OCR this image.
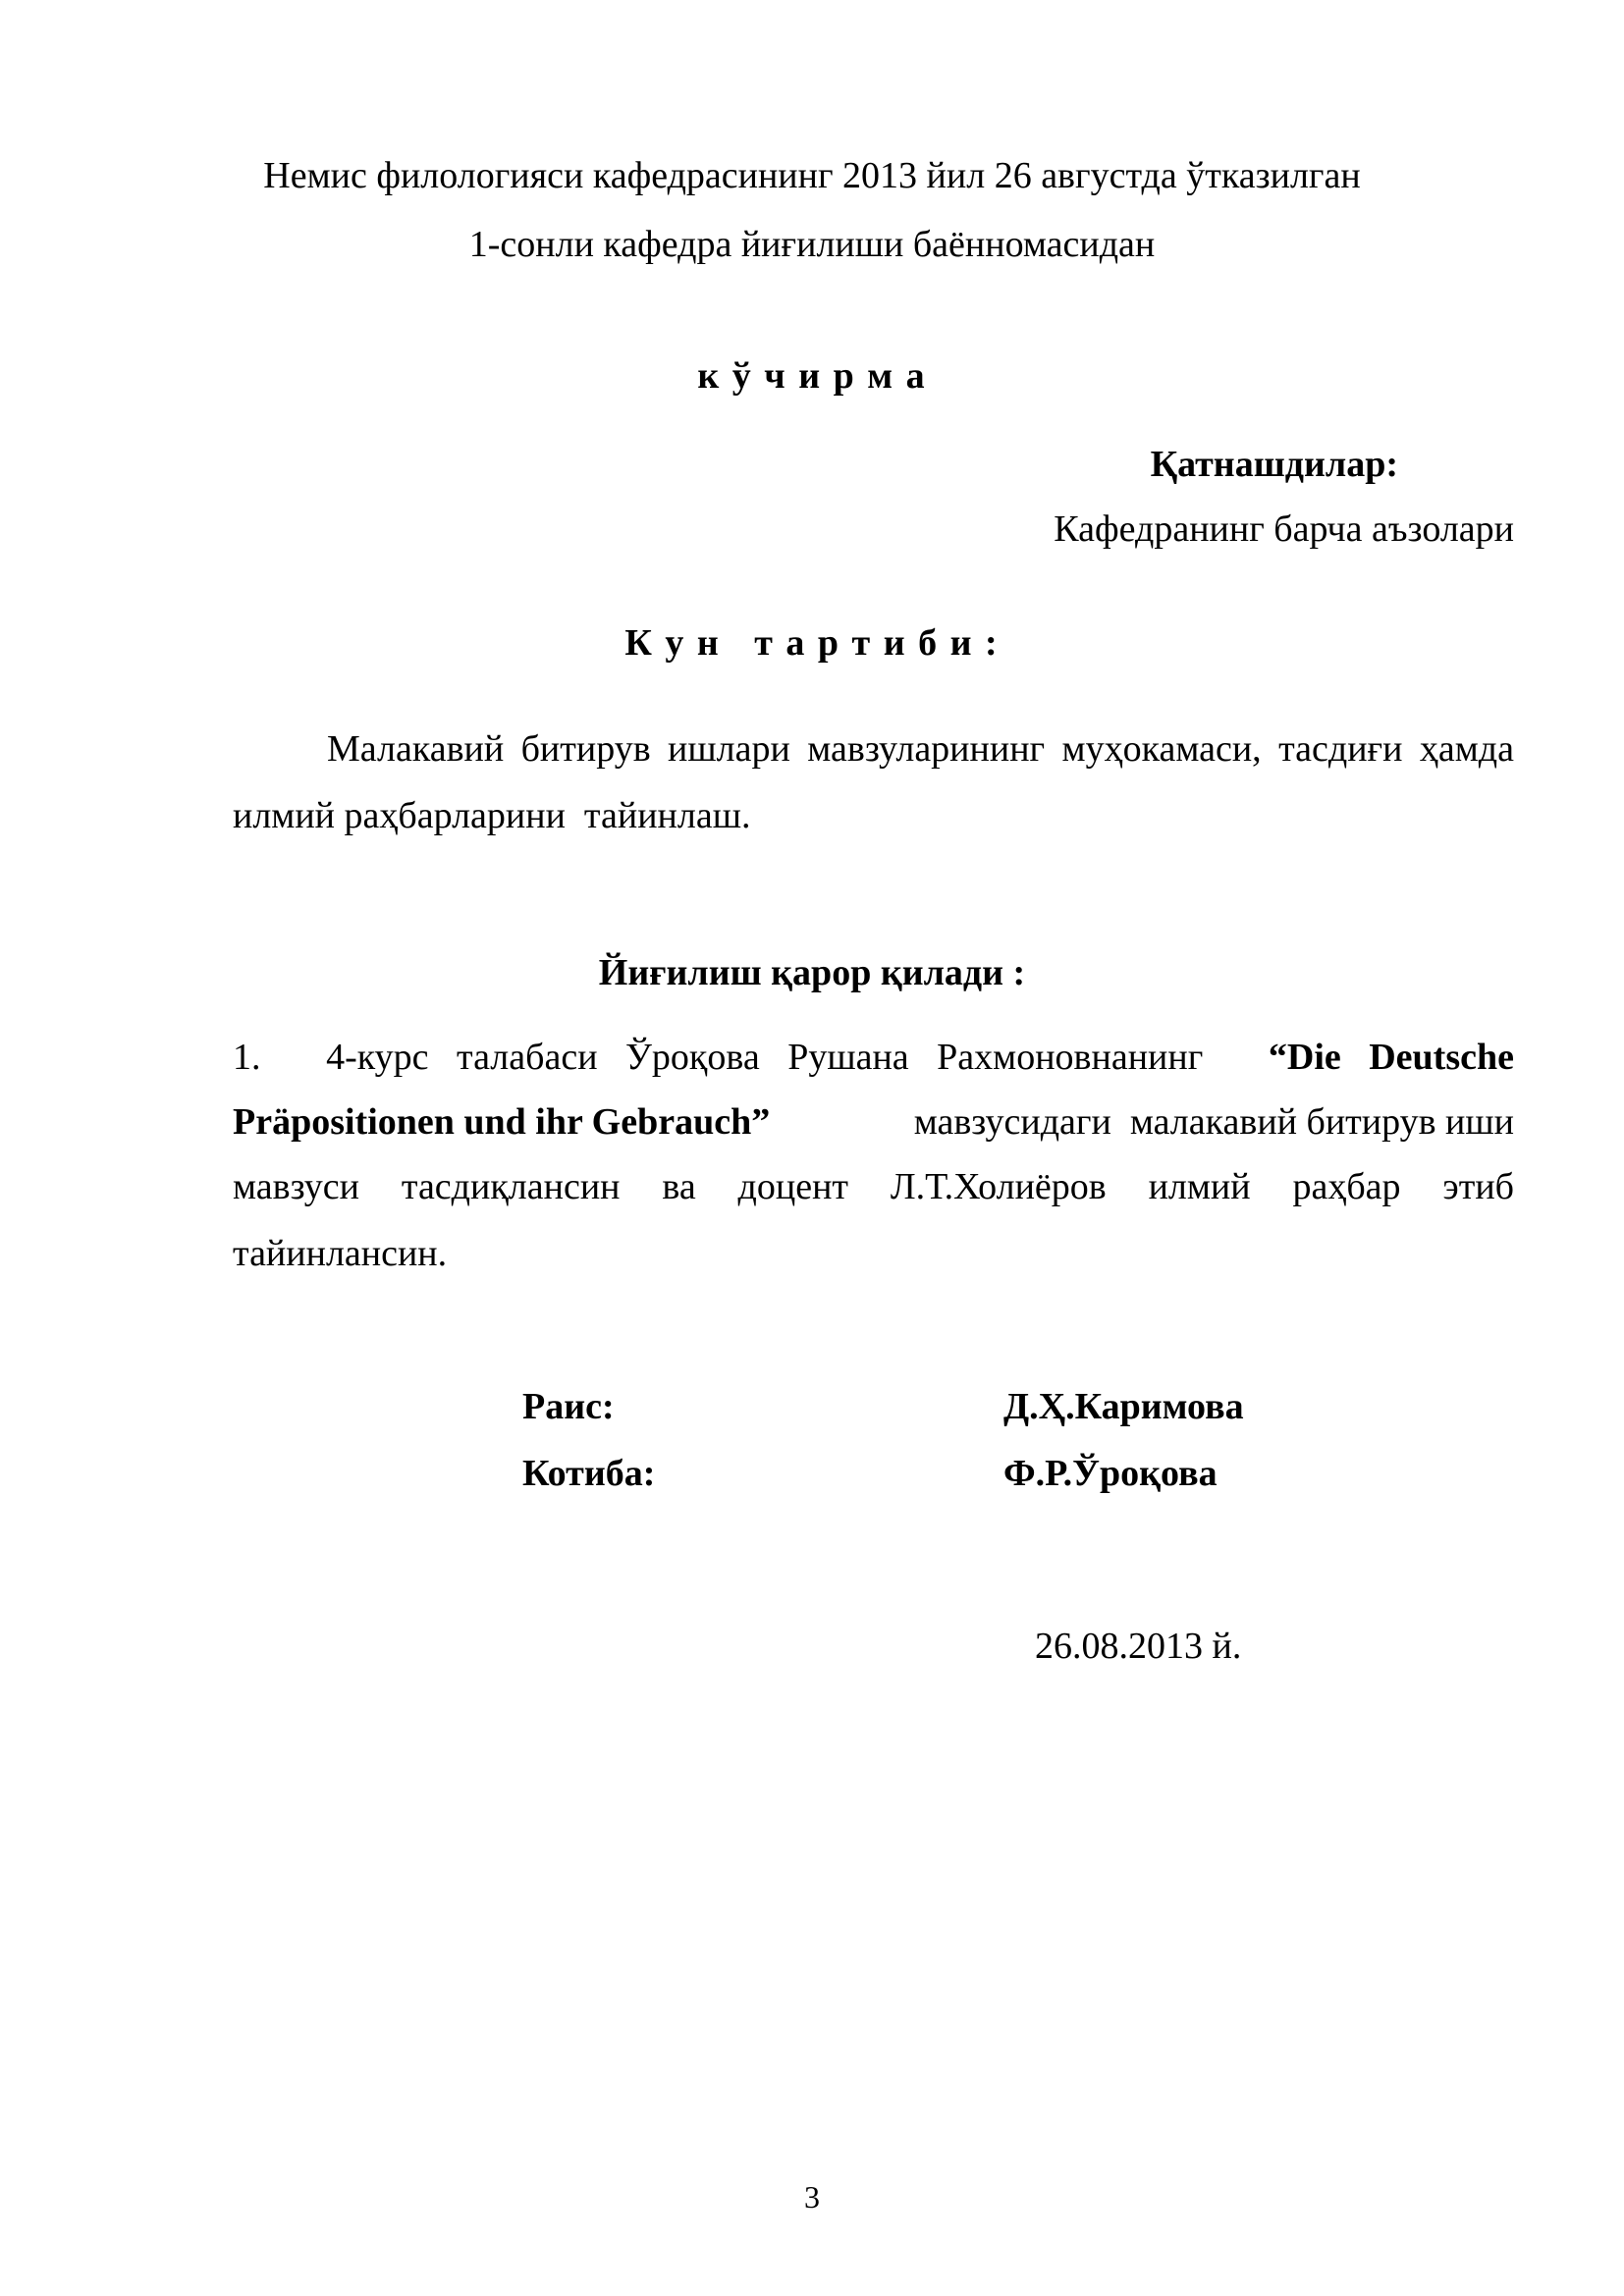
Немис филологияси кафедрасининг 2013 йил 26 августда ўтказилган
1-сонли кафедра йиғилиши баённомасидан
к ў ч и р м а
Қатнашдилар:
Кафедранинг барча аъзолари
К у н   т а р т и б и :
Малакавий битирув ишлари мавзуларининг муҳокамаси, тасдиғи ҳамда
илмий раҳбарларини  тайинлаш.
Йиғилиш қарор қилади :
1. 4-курс   талабаси   Ўроқова   Рушана   Рахмоновнанинг “Die   Deutsche
Präpositionen und ihr Gebrauch”	мавзусидаги  малакавий битирув иши
мавзуси тасдиқлансин ва доцент Л.Т.Холиёров илмий раҳбар этиб
тайинлансин.
Раис:	Д.Ҳ.Каримова
Котиба:	Ф.Р.Ўроқова
26.08.2013 й.
3
